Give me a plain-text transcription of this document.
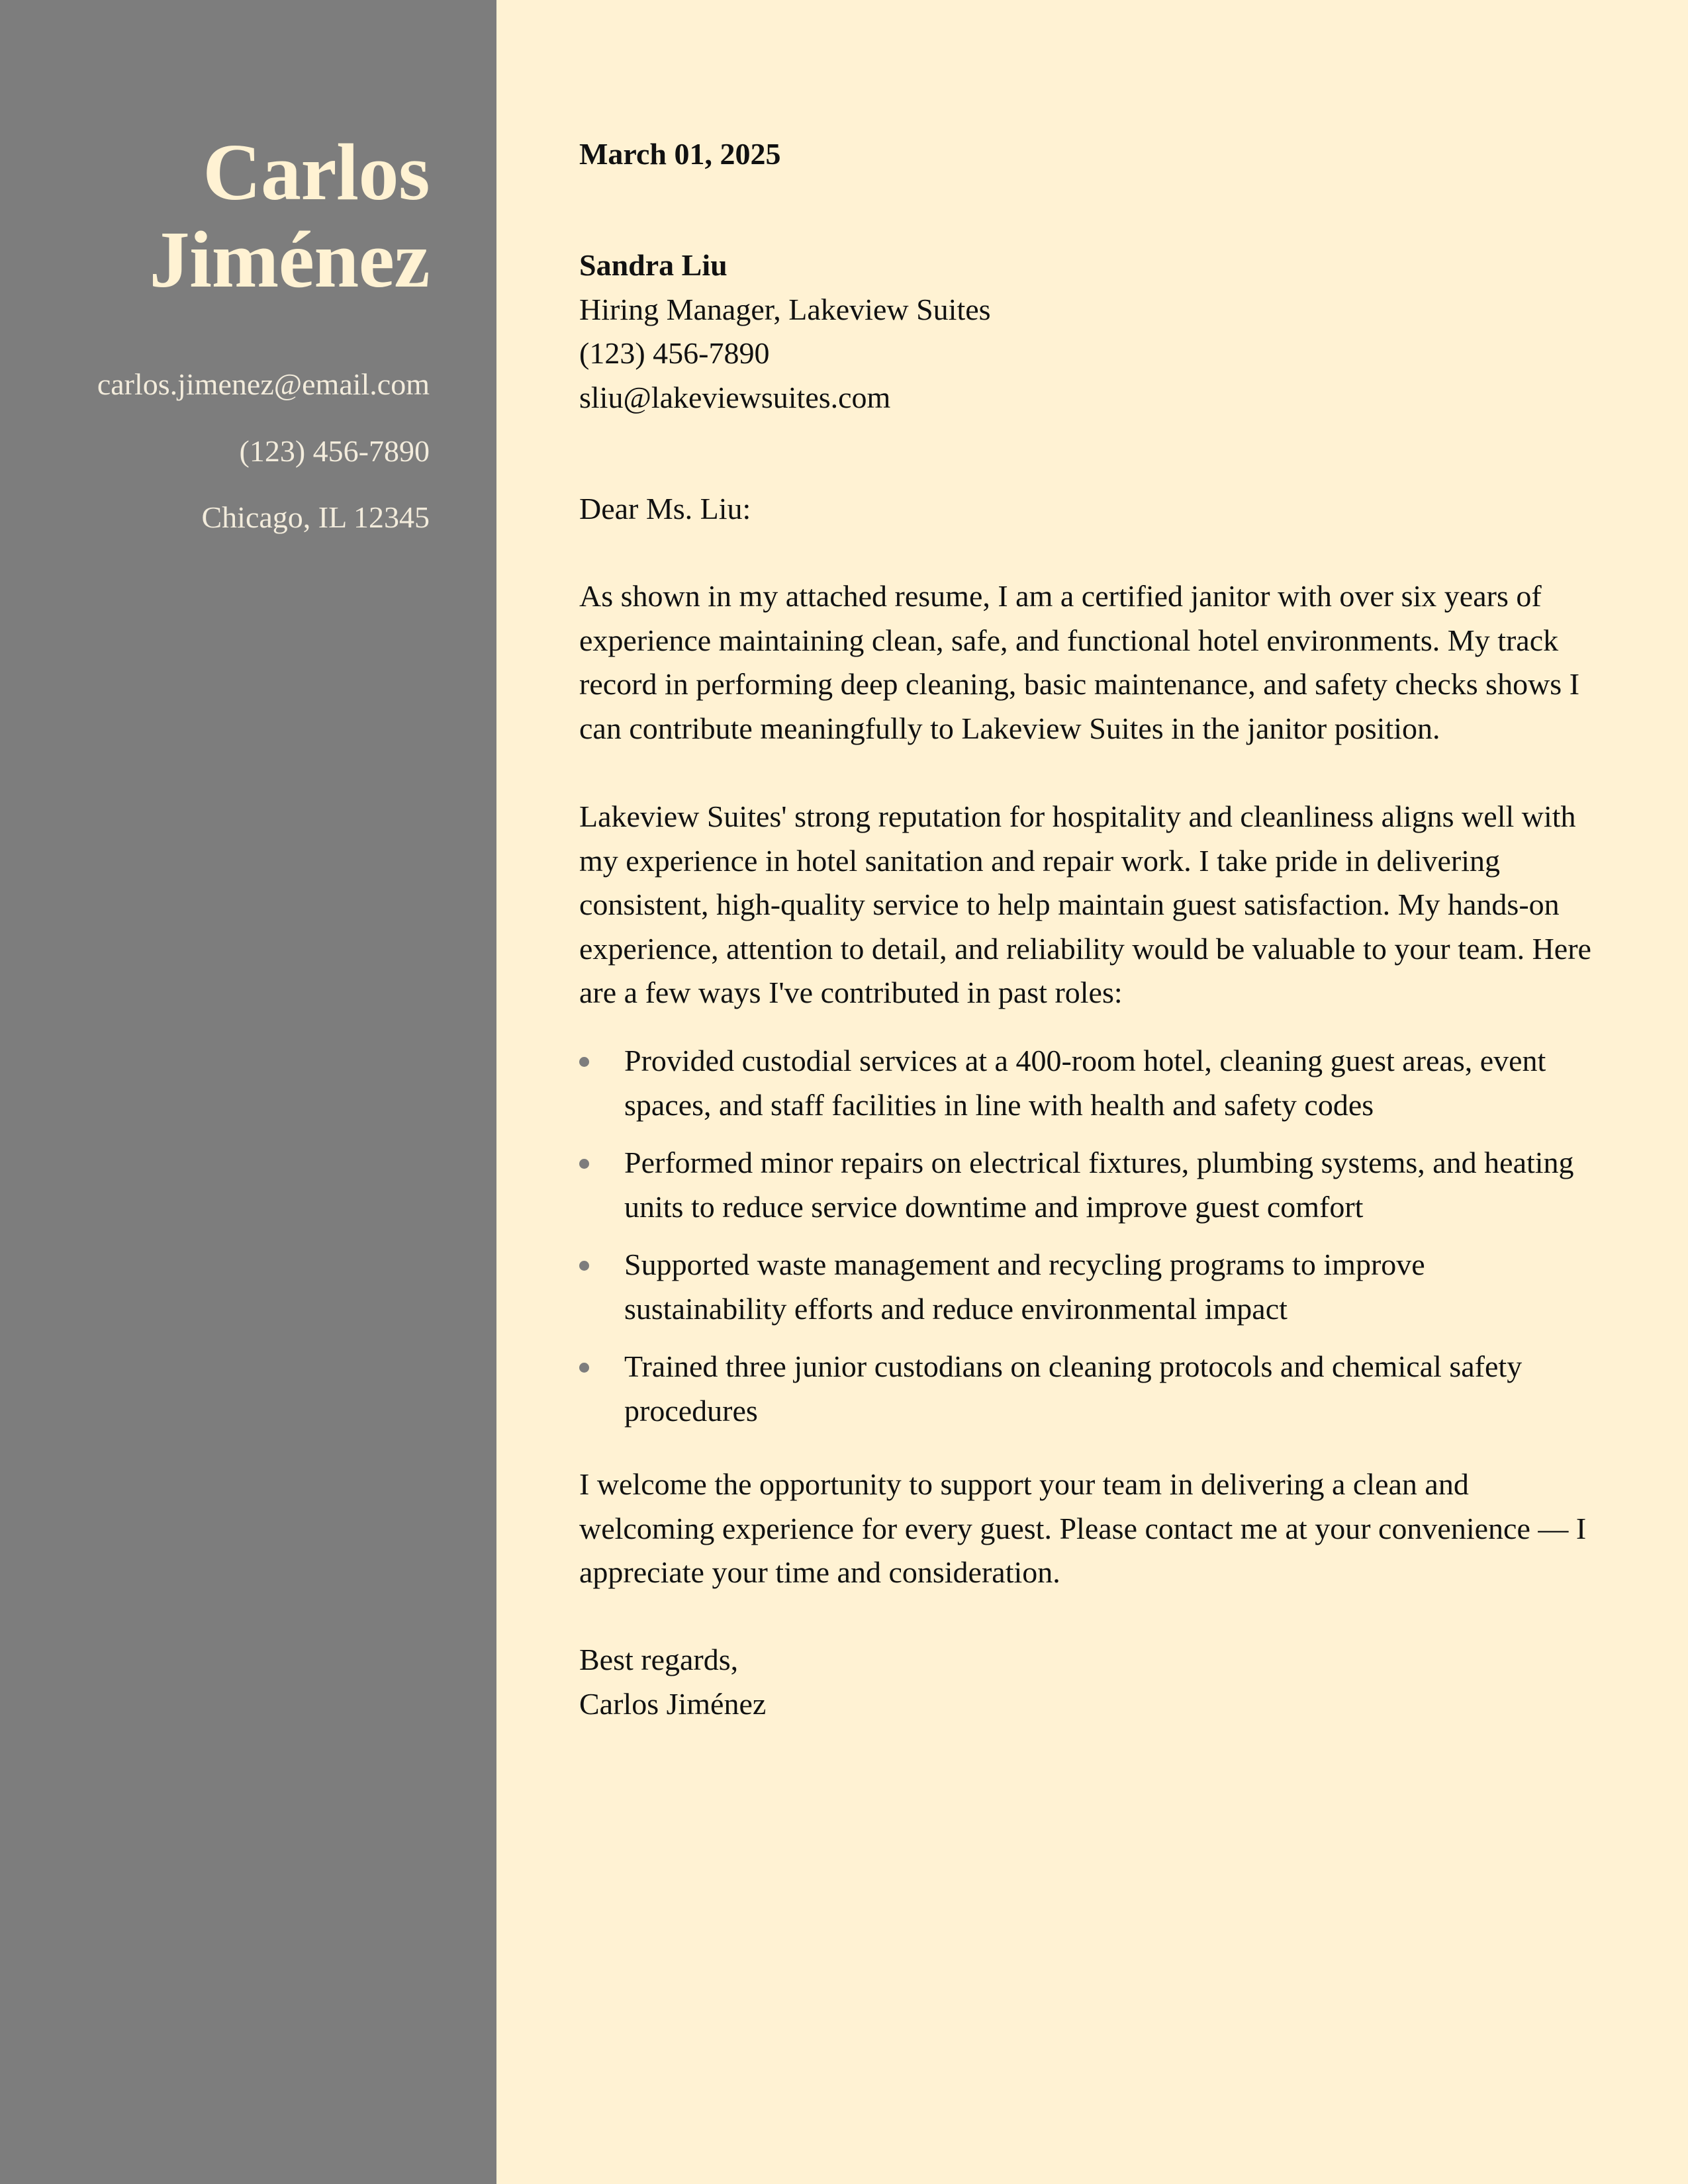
Carlos
Jiménez
carlos.jimenez@email.com
(123) 456-7890
Chicago, IL 12345
March 01, 2025
Sandra Liu
Hiring Manager, Lakeview Suites
(123) 456-7890
sliu@lakeviewsuites.com
Dear Ms. Liu:

As shown in my attached resume, I am a certified janitor with over six years of experience maintaining clean, safe, and functional hotel environments. My track record in performing deep cleaning, basic maintenance, and safety checks shows I can contribute meaningfully to Lakeview Suites in the janitor position.

Lakeview Suites' strong reputation for hospitality and cleanliness aligns well with my experience in hotel sanitation and repair work. I take pride in delivering consistent, high-quality service to help maintain guest satisfaction. My hands-on experience, attention to detail, and reliability would be valuable to your team. Here are a few ways I've contributed in past roles:

Provided custodial services at a 400-room hotel, cleaning guest areas, event spaces, and staff facilities in line with health and safety codes
Performed minor repairs on electrical fixtures, plumbing systems, and heating units to reduce service downtime and improve guest comfort
Supported waste management and recycling programs to improve sustainability efforts and reduce environmental impact
Trained three junior custodians on cleaning protocols and chemical safety procedures

I welcome the opportunity to support your team in delivering a clean and welcoming experience for every guest. Please contact me at your convenience — I appreciate your time and consideration.

Best regards,
Carlos Jiménez
